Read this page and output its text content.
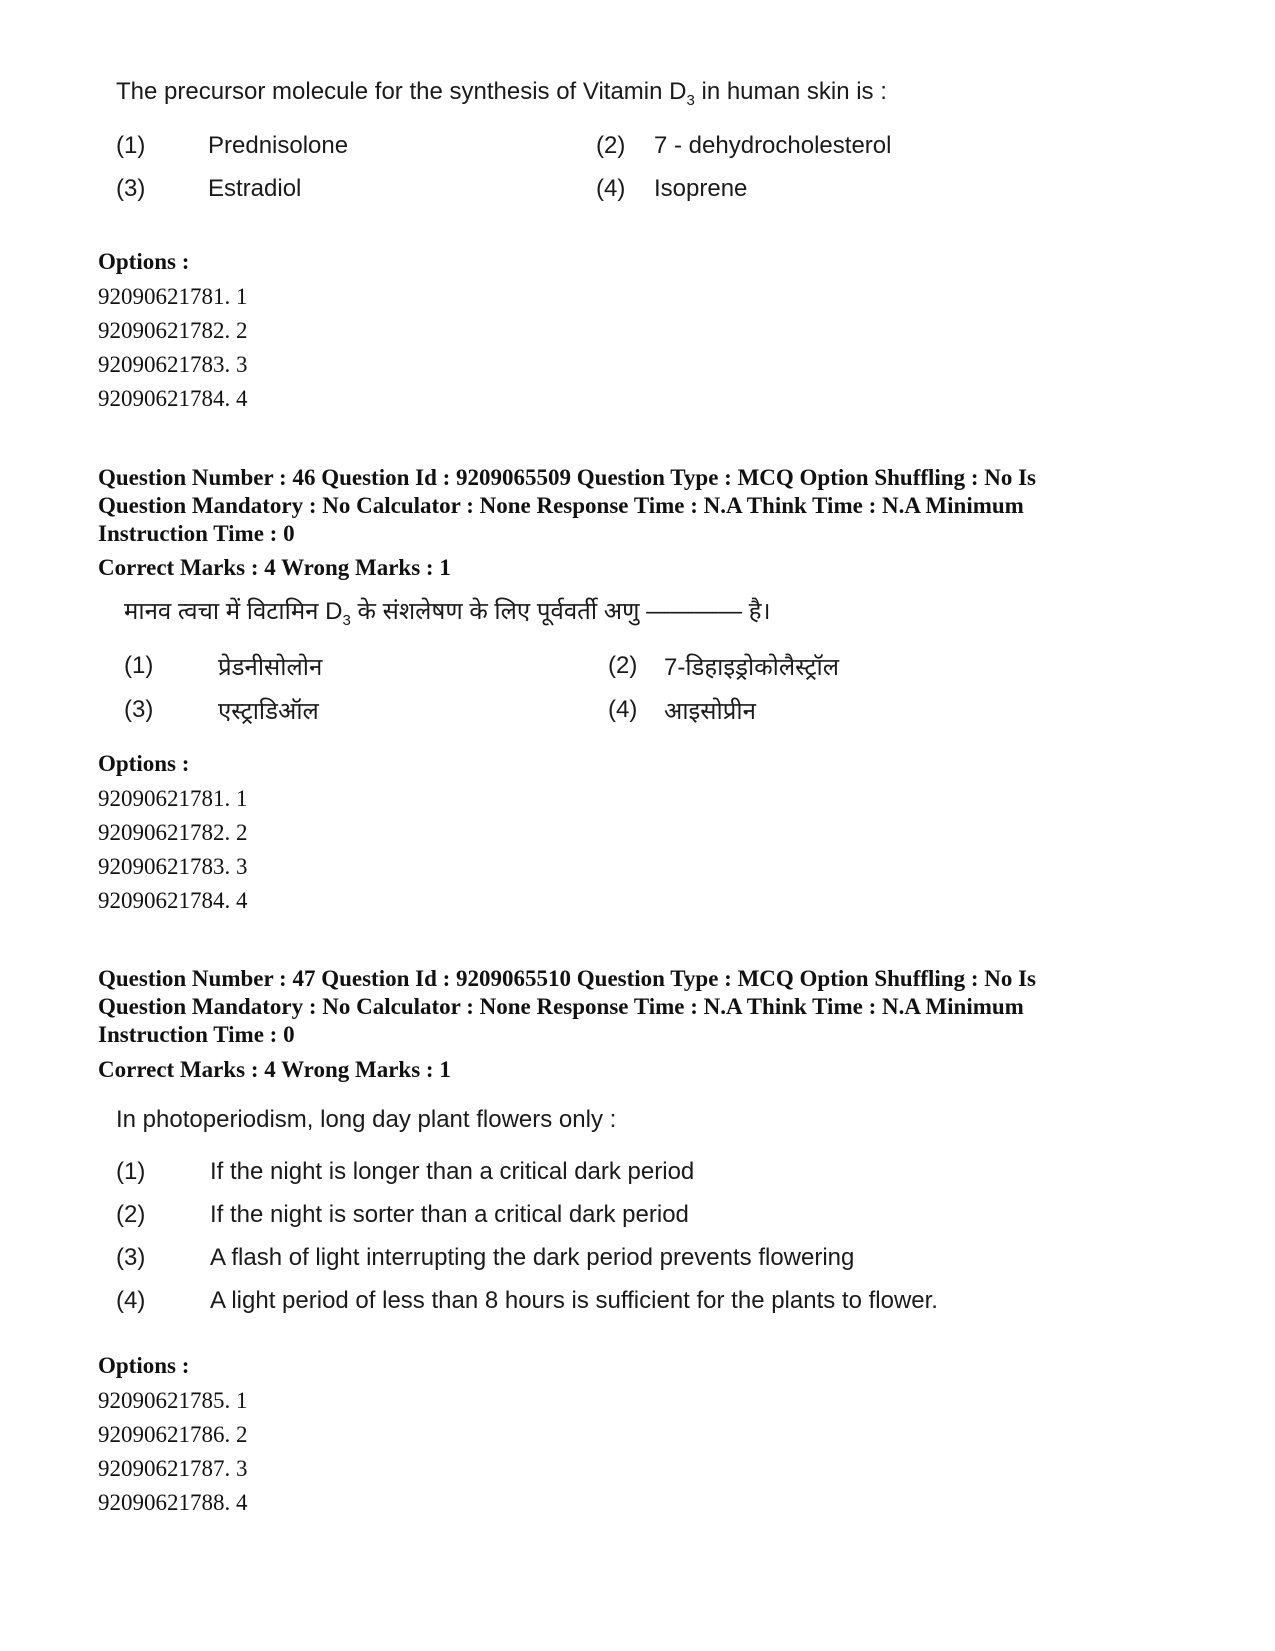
The precursor molecule for the synthesis of Vitamin $D_3$ in human skin is :
(1)	Prednisolone	(2) 7 - dehydrocholesterol
(3)	Estradiol	(4) Isoprene
Options :
92090621781. 1
92090621782. 2
92090621783. 3
92090621784. 4
Question Number : 46 Question Id : 9209065509 Question Type : MCQ Option Shuffling : No Is
Question Mandatory : No Calculator : None Response Time : N.A Think Time : N.A Minimum
Instruction Time : 0
Correct Marks : 4 Wrong Marks : 1
मानव त्वचा में विटामिन $D_3$ के संशलेषण के लिए पूर्ववर्ती अणु ———— है।
(1)	प्रेडनीसोलोन	(2) 7-डिहाइड्रोकोलैस्ट्रॉल
(3)	एस्ट्राडिऑल	(4) आइसोप्रीन
Options :
92090621781. 1
92090621782. 2
92090621783. 3
92090621784. 4
Question Number : 47 Question Id : 9209065510 Question Type : MCQ Option Shuffling : No Is
Question Mandatory : No Calculator : None Response Time : N.A Think Time : N.A Minimum
Instruction Time : 0
Correct Marks : 4 Wrong Marks : 1
In photoperiodism, long day plant flowers only :
(1)	If the night is longer than a critical dark period
(2)	If the night is sorter than a critical dark period
(3)	A flash of light interrupting the dark period prevents flowering
(4)	A light period of less than 8 hours is sufficient for the plants to flower.
Options :
92090621785. 1
92090621786. 2
92090621787. 3
92090621788. 4
